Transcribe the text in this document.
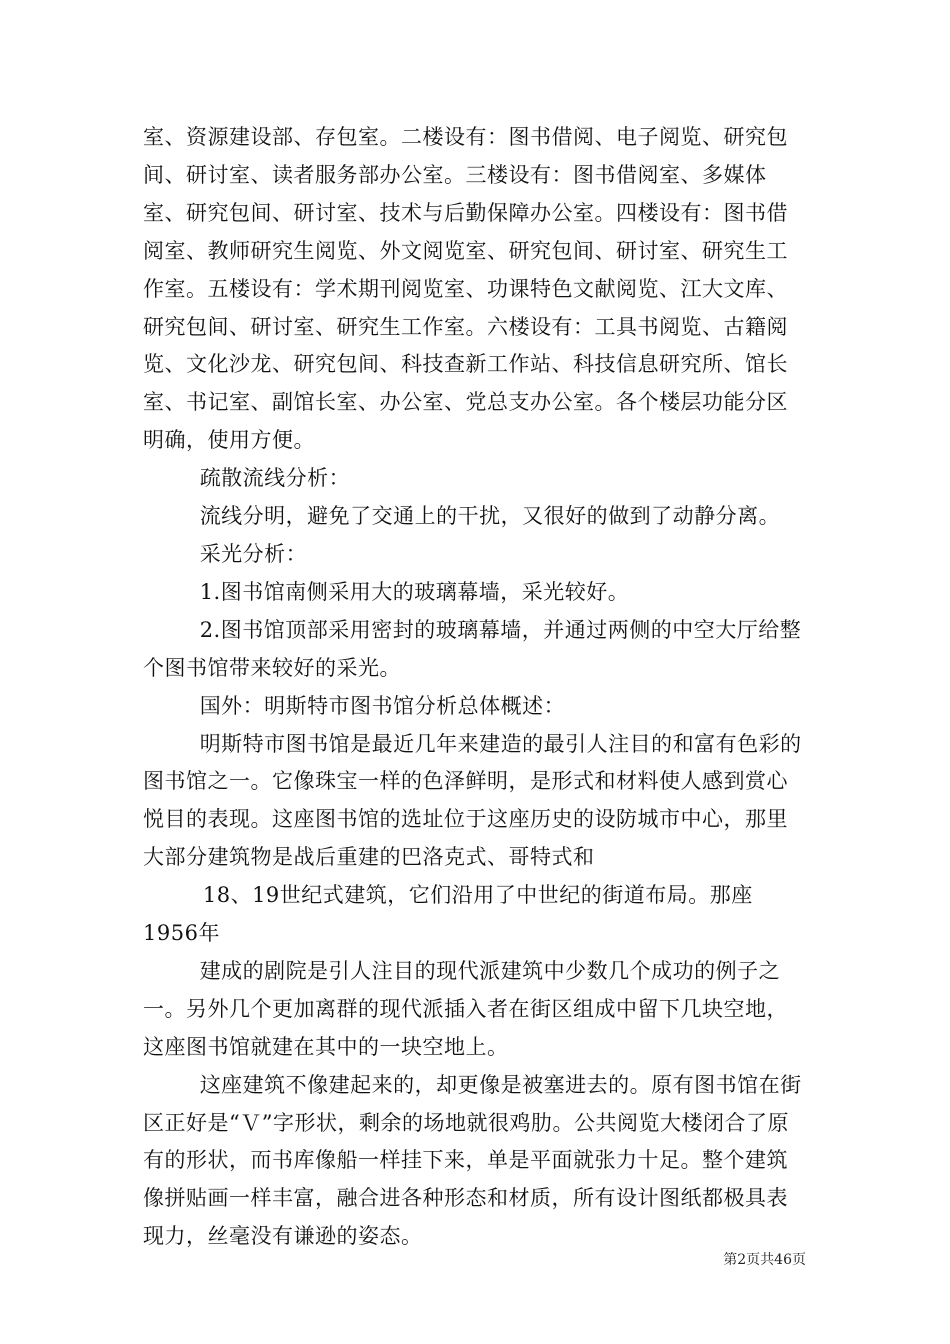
室、资源建设部、存包室。二楼设有：图书借阅、电子阅览、研究包间、研讨室、读者服务部办公室。三楼设有：图书借阅室、多媒体室、研究包间、研讨室、技术与后勤保障办公室。四楼设有：图书借阅室、教师研究生阅览、外文阅览室、研究包间、研讨室、研究生工作室。五楼设有：学术期刊阅览室、功课特色文献阅览、江大文库、研究包间、研讨室、研究生工作室。六楼设有：工具书阅览、古籍阅览、文化沙龙、研究包间、科技查新工作站、科技信息研究所、馆长室、书记室、副馆长室、办公室、党总支办公室。各个楼层功能分区明确，使用方便。

疏散流线分析：

流线分明，避免了交通上的干扰，又很好的做到了动静分离。

采光分析：

1.图书馆南侧采用大的玻璃幕墙，采光较好。

2.图书馆顶部采用密封的玻璃幕墙，并通过两侧的中空大厅给整个图书馆带来较好的采光。

国外：明斯特市图书馆分析总体概述：

明斯特市图书馆是最近几年来建造的最引人注目的和富有色彩的图书馆之一。它像珠宝一样的色泽鲜明，是形式和材料使人感到赏心悦目的表现。这座图书馆的选址位于这座历史的设防城市中心，那里大部分建筑物是战后重建的巴洛克式、哥特式和

18、19世纪式建筑，它们沿用了中世纪的街道布局。那座1956年

建成的剧院是引人注目的现代派建筑中少数几个成功的例子之一。另外几个更加离群的现代派插入者在街区组成中留下几块空地，这座图书馆就建在其中的一块空地上。

这座建筑不像建起来的，却更像是被塞进去的。原有图书馆在街区正好是“Ｖ”字形状，剩余的场地就很鸡肋。公共阅览大楼闭合了原有的形状，而书库像船一样挂下来，单是平面就张力十足。整个建筑像拼贴画一样丰富，融合进各种形态和材质，所有设计图纸都极具表现力，丝毫没有谦逊的姿态。

第2页共46页
